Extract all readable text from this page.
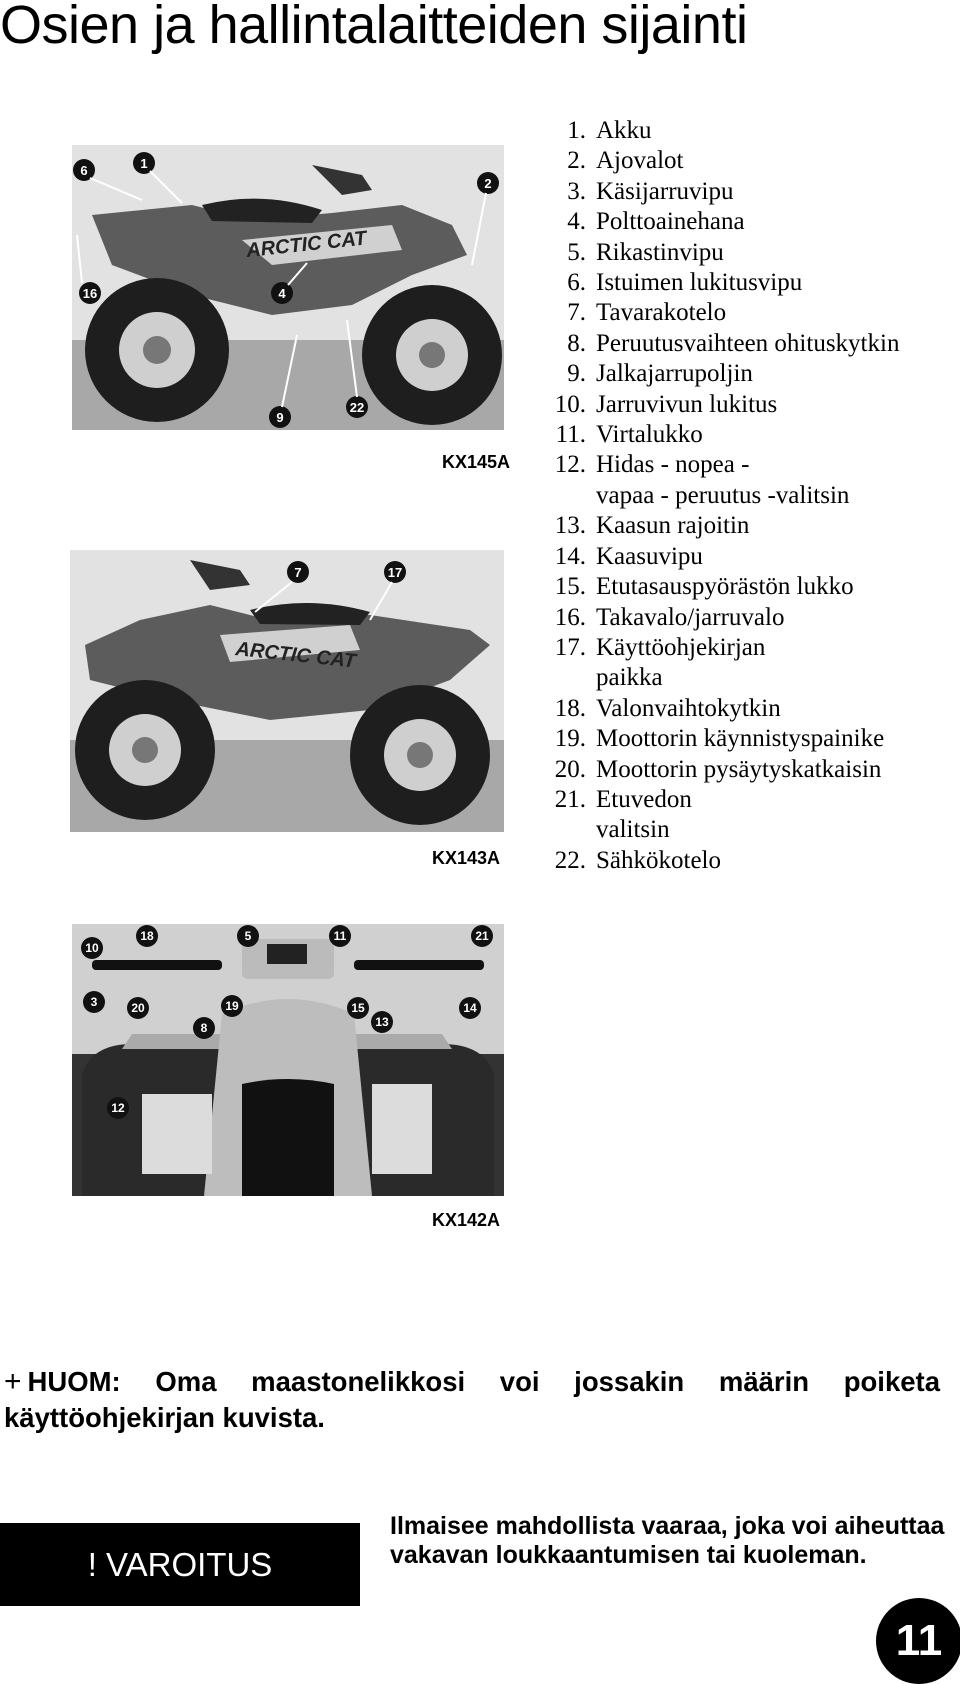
Osien ja hallintalaitteiden sijainti
ARCTIC CAT
6	1
2
16	4
9
22
KX145A
ARCTIC CAT
7	17
KX143A
1. Akku
2. Ajovalot
3. Käsijarruvipu
4. Polttoainehana
5. Rikastinvipu
6. Istuimen lukitusvipu
7. Tavarakotelo
8. Peruutusvaihteen ohituskytkin
9. Jalkajarrupoljin
10. Jarruvivun lukitus
11. Virtalukko
12. Hidas - nopea -
vapaa - peruutus -valitsin
13. Kaasun rajoitin
14. Kaasuvipu
15. Etutasauspyörästön lukko
16. Takavalo/jarruvalo
17. Käyttöohjekirjan
paikka
18. Valonvaihtokytkin
19. Moottorin käynnistyspainike
20. Moottorin pysäytyskatkaisin
21. Etuvedon
valitsin
22. Sähkökotelo
10
18	5	11	21
3	20	19
8
15
13
14
12
KX142A
+ HUOM: Oma maastonelikkosi voi jossakin määrin poiketa käyttöohjekirjan kuvista.
! VAROITUS
Ilmaisee mahdollista vaaraa, joka voi aiheuttaa vakavan loukkaantumisen tai kuoleman.
11
